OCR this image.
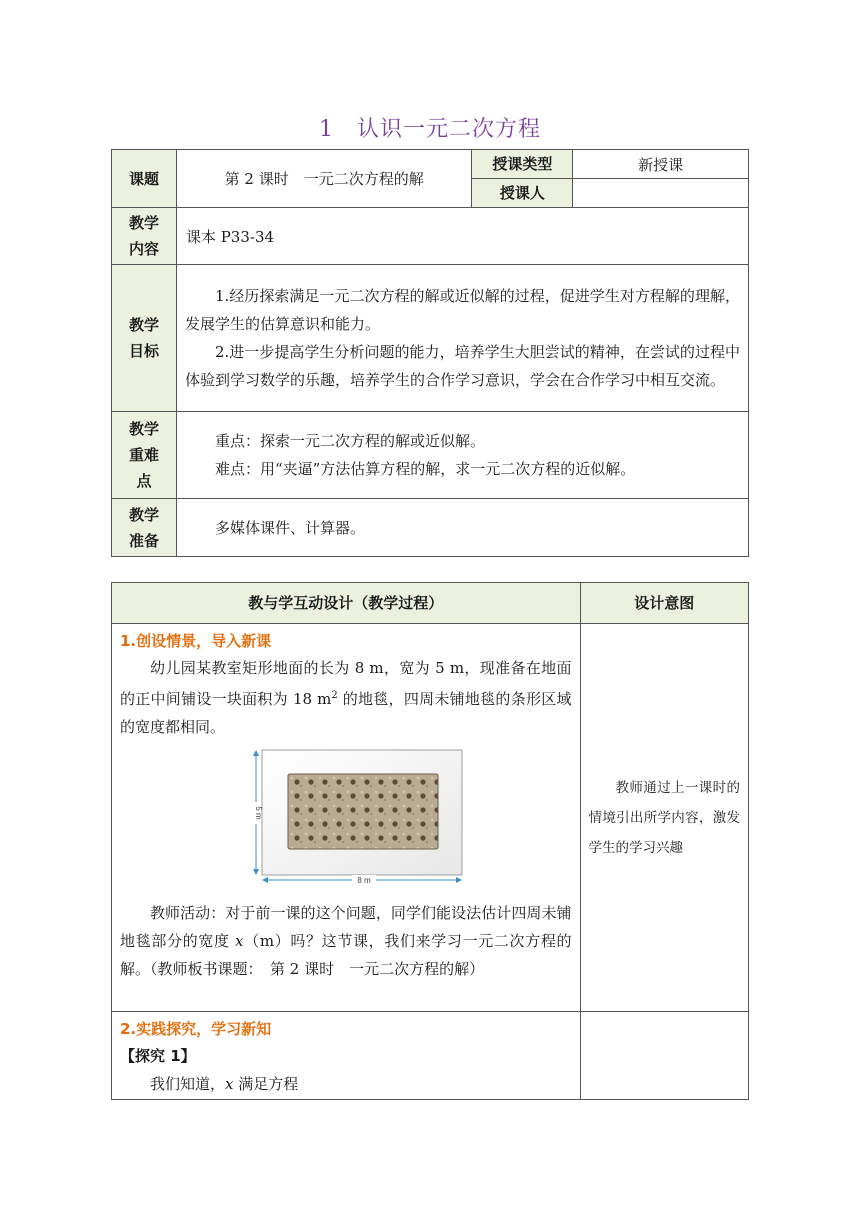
1　认识一元二次方程
课题	第 2 课时　一元二次方程的解	授课类型	新授课
		授课人	
教学内容	课本 P33-34		
教学目标	1.经历探索满足一元二次方程的解或近似解的过程，促进学生对方程解的理解，发展学生的估算意识和能力。

2.进一步提高学生分析问题的能力，培养学生大胆尝试的精神，在尝试的过程中体验到学习数学的乐趣，培养学生的合作学习意识，学会在合作学习中相互交流。		

教学重难点	重点：探索一元二次方程的解或近似解。

难点：用“夹逼”方法估算方程的解，求一元二次方程的近似解。		

教学准备	多媒体课件、计算器。		

教与学互动设计（教学过程）	设计意图

1.创设情景，导入新课

幼儿园某教室矩形地面的长为 8 m，宽为 5 m，现准备在地面的正中间铺设一块面积为 18 $m^2$ 的地毯，四周未铺地毯的条形区域的宽度都相同。

8 m
5 m

教师活动：对于前一课的这个问题，同学们能设法估计四周未铺地毯部分的宽度 x（m）吗？这节课，我们来学习一元二次方程的解。（教师板书课题：　第 2 课时　一元二次方程的解）	教师通过上一课时的情境引出所学内容，激发学生的学习兴趣

2.实践探究，学习新知
【探究 1】

我们知道，x 满足方程	
